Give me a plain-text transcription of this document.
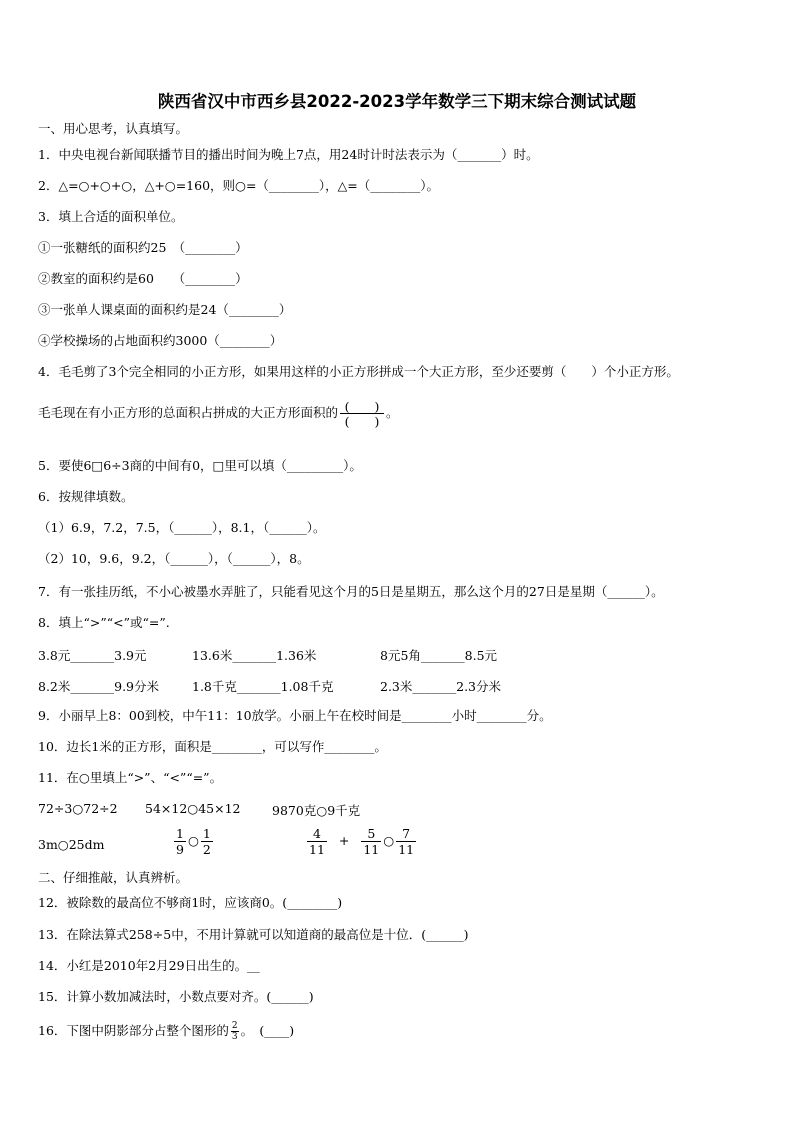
陕西省汉中市西乡县2022-2023学年数学三下期末综合测试试题
一、用心思考，认真填写。
1．中央电视台新闻联播节目的播出时间为晚上7点，用24时计时法表示为（_______）时。
2．△=○+○+○，△+○=160，则○=（________），△=（________）。
3．填上合适的面积单位。
①一张糖纸的面积约25　（________）
②教室的面积约是60　　（________）
③一张单人课桌面的面积约是24（________）
④学校操场的占地面积约3000（________）
4．毛毛剪了3个完全相同的小正方形，如果用这样的小正方形拼成一个大正方形，至少还要剪（　　）个小正方形。
毛毛现在有小正方形的总面积占拼成的大正方形面积的 $\frac{( )}{( )}$ 。
5．要使6□6÷3商的中间有0，□里可以填（_________）。
6．按规律填数。
（1）6.9，7.2，7.5，（______），8.1，（______）。
（2）10，9.6，9.2，（______），（______），8。
7．有一张挂历纸，不小心被墨水弄脏了，只能看见这个月的5日是星期五，那么这个月的27日是星期（______）。
8．填上“>”“<”或“=”.
3.8元_______3.9元	13.6米_______1.36米	8元5角_______8.5元
8.2米_______9.9分米	1.8千克_______1.08千克	2.3米_______2.3分米
9．小丽早上8：00到校，中午11：10放学。小丽上午在校时间是________小时________分。
10．边长1米的正方形，面积是________，可以写作________。
11．在○里填上“>”、“<”“=”。
72÷3○72÷2 54×12○45×12	9870克○9千克
3m○25dm	$\frac{1}{9}$ ○ $\frac{1}{2}$	$\frac{4}{11} + \frac{5}{11}$ ○ $\frac{7}{11}$
二、仔细推敲，认真辨析。
12．被除数的最高位不够商1时，应该商0。(________)
13．在除法算式258÷5中，不用计算就可以知道商的最高位是十位．(______)
14．小红是2010年2月29日出生的。__
15．计算小数加减法时，小数点要对齐。(______)
16．下图中阴影部分占整个图形的 $\frac{2}{3}$ 。　(____)
